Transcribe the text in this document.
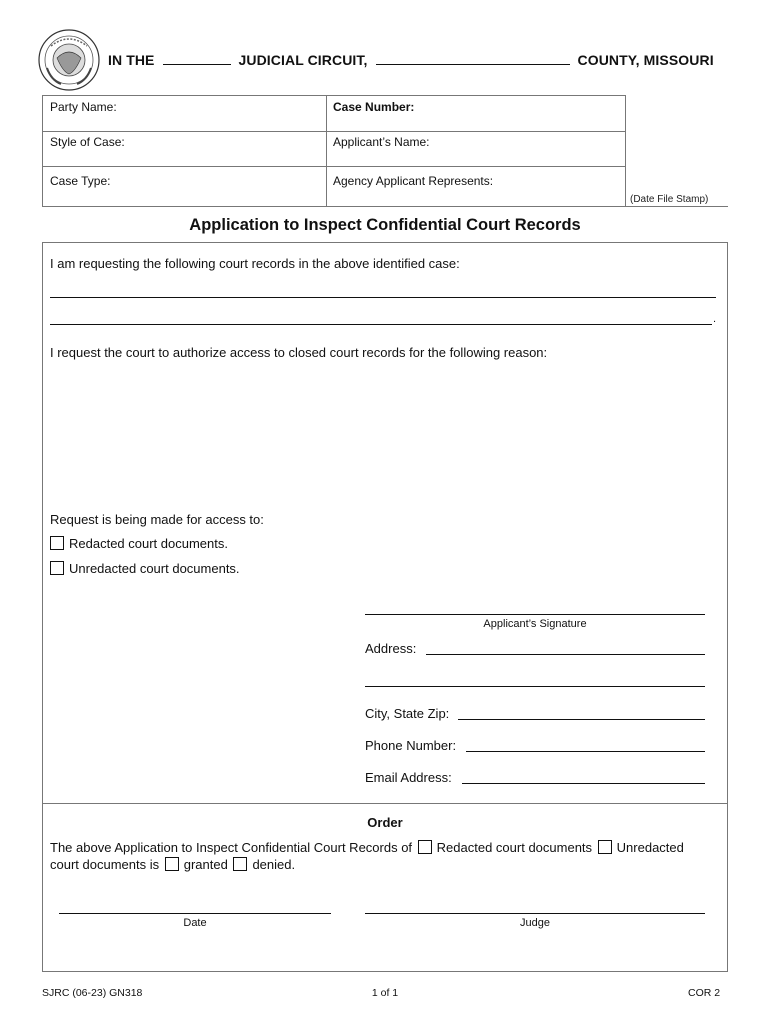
IN THE	JUDICIAL CIRCUIT,	COUNTY, MISSOURI
Party Name:	Case Number:
Style of Case:	Applicant’s Name:
Case Type:	Agency Applicant Represents:
(Date File Stamp)
Application to Inspect Confidential Court Records
I am requesting the following court records in the above identified case:
.
I request the court to authorize access to closed court records for the following reason:
Request is being made for access to:
Redacted court documents.
Unredacted court documents.
Applicant’s Signature
Address:
City, State Zip:
Phone Number:
Email Address:
Order
The above Application to Inspect Confidential Court Records of Redacted court documents Unredacted
court documents is granted denied.
Date	Judge
SJRC (06-23) GN318	1 of 1	COR 2
